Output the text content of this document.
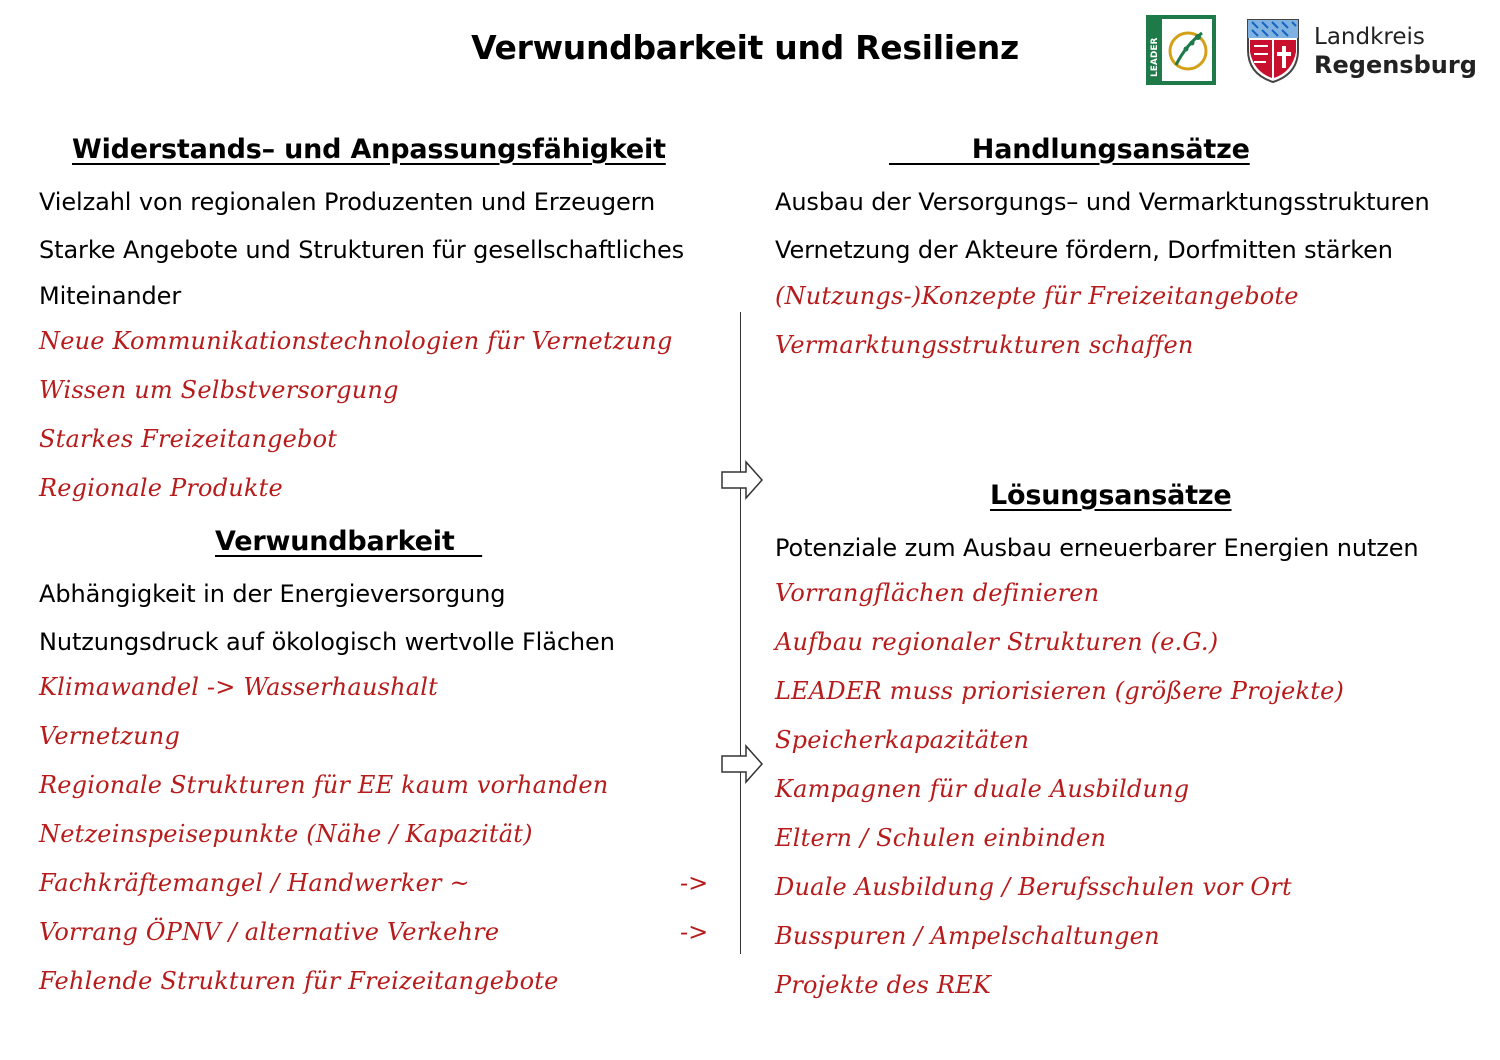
Verwundbarkeit und Resilienz	LEADER
Landkreis
Regensburg
Widerstands– und Anpassungsfähigkeit
Vielzahl von regionalen Produzenten und Erzeugern
Starke Angebote und Strukturen für gesellschaftliches
Miteinander
Neue Kommunikationstechnologien für Vernetzung
Wissen um Selbstversorgung
Starkes Freizeitangebot
Regionale Produkte
Verwundbarkeit
Abhängigkeit in der Energieversorgung
Nutzungsdruck auf ökologisch wertvolle Flächen
Klimawandel -> Wasserhaushalt
Vernetzung
Regionale Strukturen für EE kaum vorhanden
Netzeinspeisepunkte (Nähe / Kapazität)
Fachkräftemangel / Handwerker ~
Vorrang ÖPNV / alternative Verkehre
Fehlende Strukturen für Freizeitangebote
->
->
Handlungsansätze
Ausbau der Versorgungs– und Vermarktungsstrukturen
Vernetzung der Akteure fördern, Dorfmitten stärken
(Nutzungs-)Konzepte für Freizeitangebote
Vermarktungsstrukturen schaffen
Lösungsansätze
Potenziale zum Ausbau erneuerbarer Energien nutzen
Vorrangflächen definieren
Aufbau regionaler Strukturen (e.G.)
LEADER muss priorisieren (größere Projekte)
Speicherkapazitäten
Kampagnen für duale Ausbildung
Eltern / Schulen einbinden
Duale Ausbildung / Berufsschulen vor Ort
Busspuren / Ampelschaltungen
Projekte des REK
